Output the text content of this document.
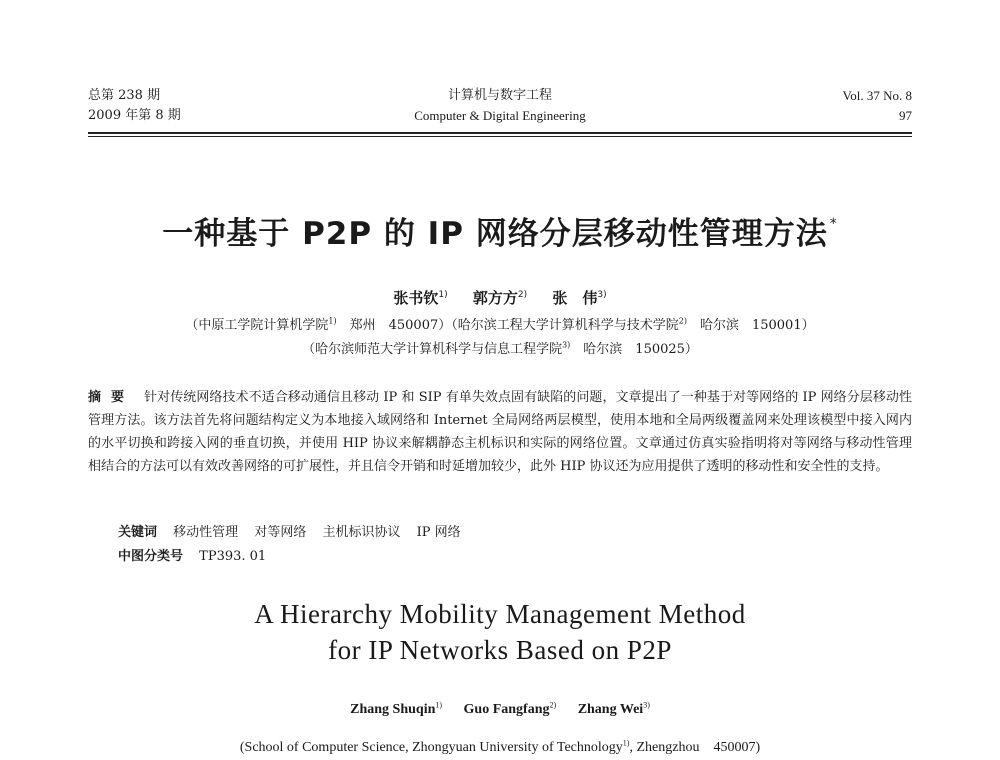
总第 238 期
2009 年第 8 期
计算机与数字工程
Computer & Digital Engineering
Vol. 37 No. 8
97
一种基于 P2P 的 IP 网络分层移动性管理方法 *
张书钦$^{1)}$ 郭方方$^{2)}$ 张　伟$^{3)}$
（中原工学院计算机学院$^{1)}$　郑州　450007）（哈尔滨工程大学计算机科学与技术学院$^{2)}$　哈尔滨　150001）
（哈尔滨师范大学计算机科学与信息工程学院$^{3)}$　哈尔滨　150025）
摘要 针对传统网络技术不适合移动通信且移动 IP 和 SIP 有单失效点固有缺陷的问题，文章提出了一种基于对等网络的 IP 网络分层移动性管理方法。该方法首先将问题结构定义为本地接入域网络和 Internet 全局网络两层模型，使用本地和全局两级覆盖网来处理该模型中接入网内的水平切换和跨接入网的垂直切换，并使用 HIP 协议来解耦静态主机标识和实际的网络位置。文章通过仿真实验指明将对等网络与移动性管理相结合的方法可以有效改善网络的可扩展性，并且信令开销和时延增加较少，此外 HIP 协议还为应用提供了透明的移动性和安全性的支持。
关键词 移动性管理 对等网络 主机标识协议 IP 网络
中图分类号 TP393. 01
A Hierarchy Mobility Management Method
for IP Networks Based on P2P
Zhang Shuqin$^{1)}$ Guo Fangfang$^{2)}$ Zhang Wei$^{3)}$
(School of Computer Science, Zhongyuan University of Technology$^{1)}$, Zhengzhou　450007)
